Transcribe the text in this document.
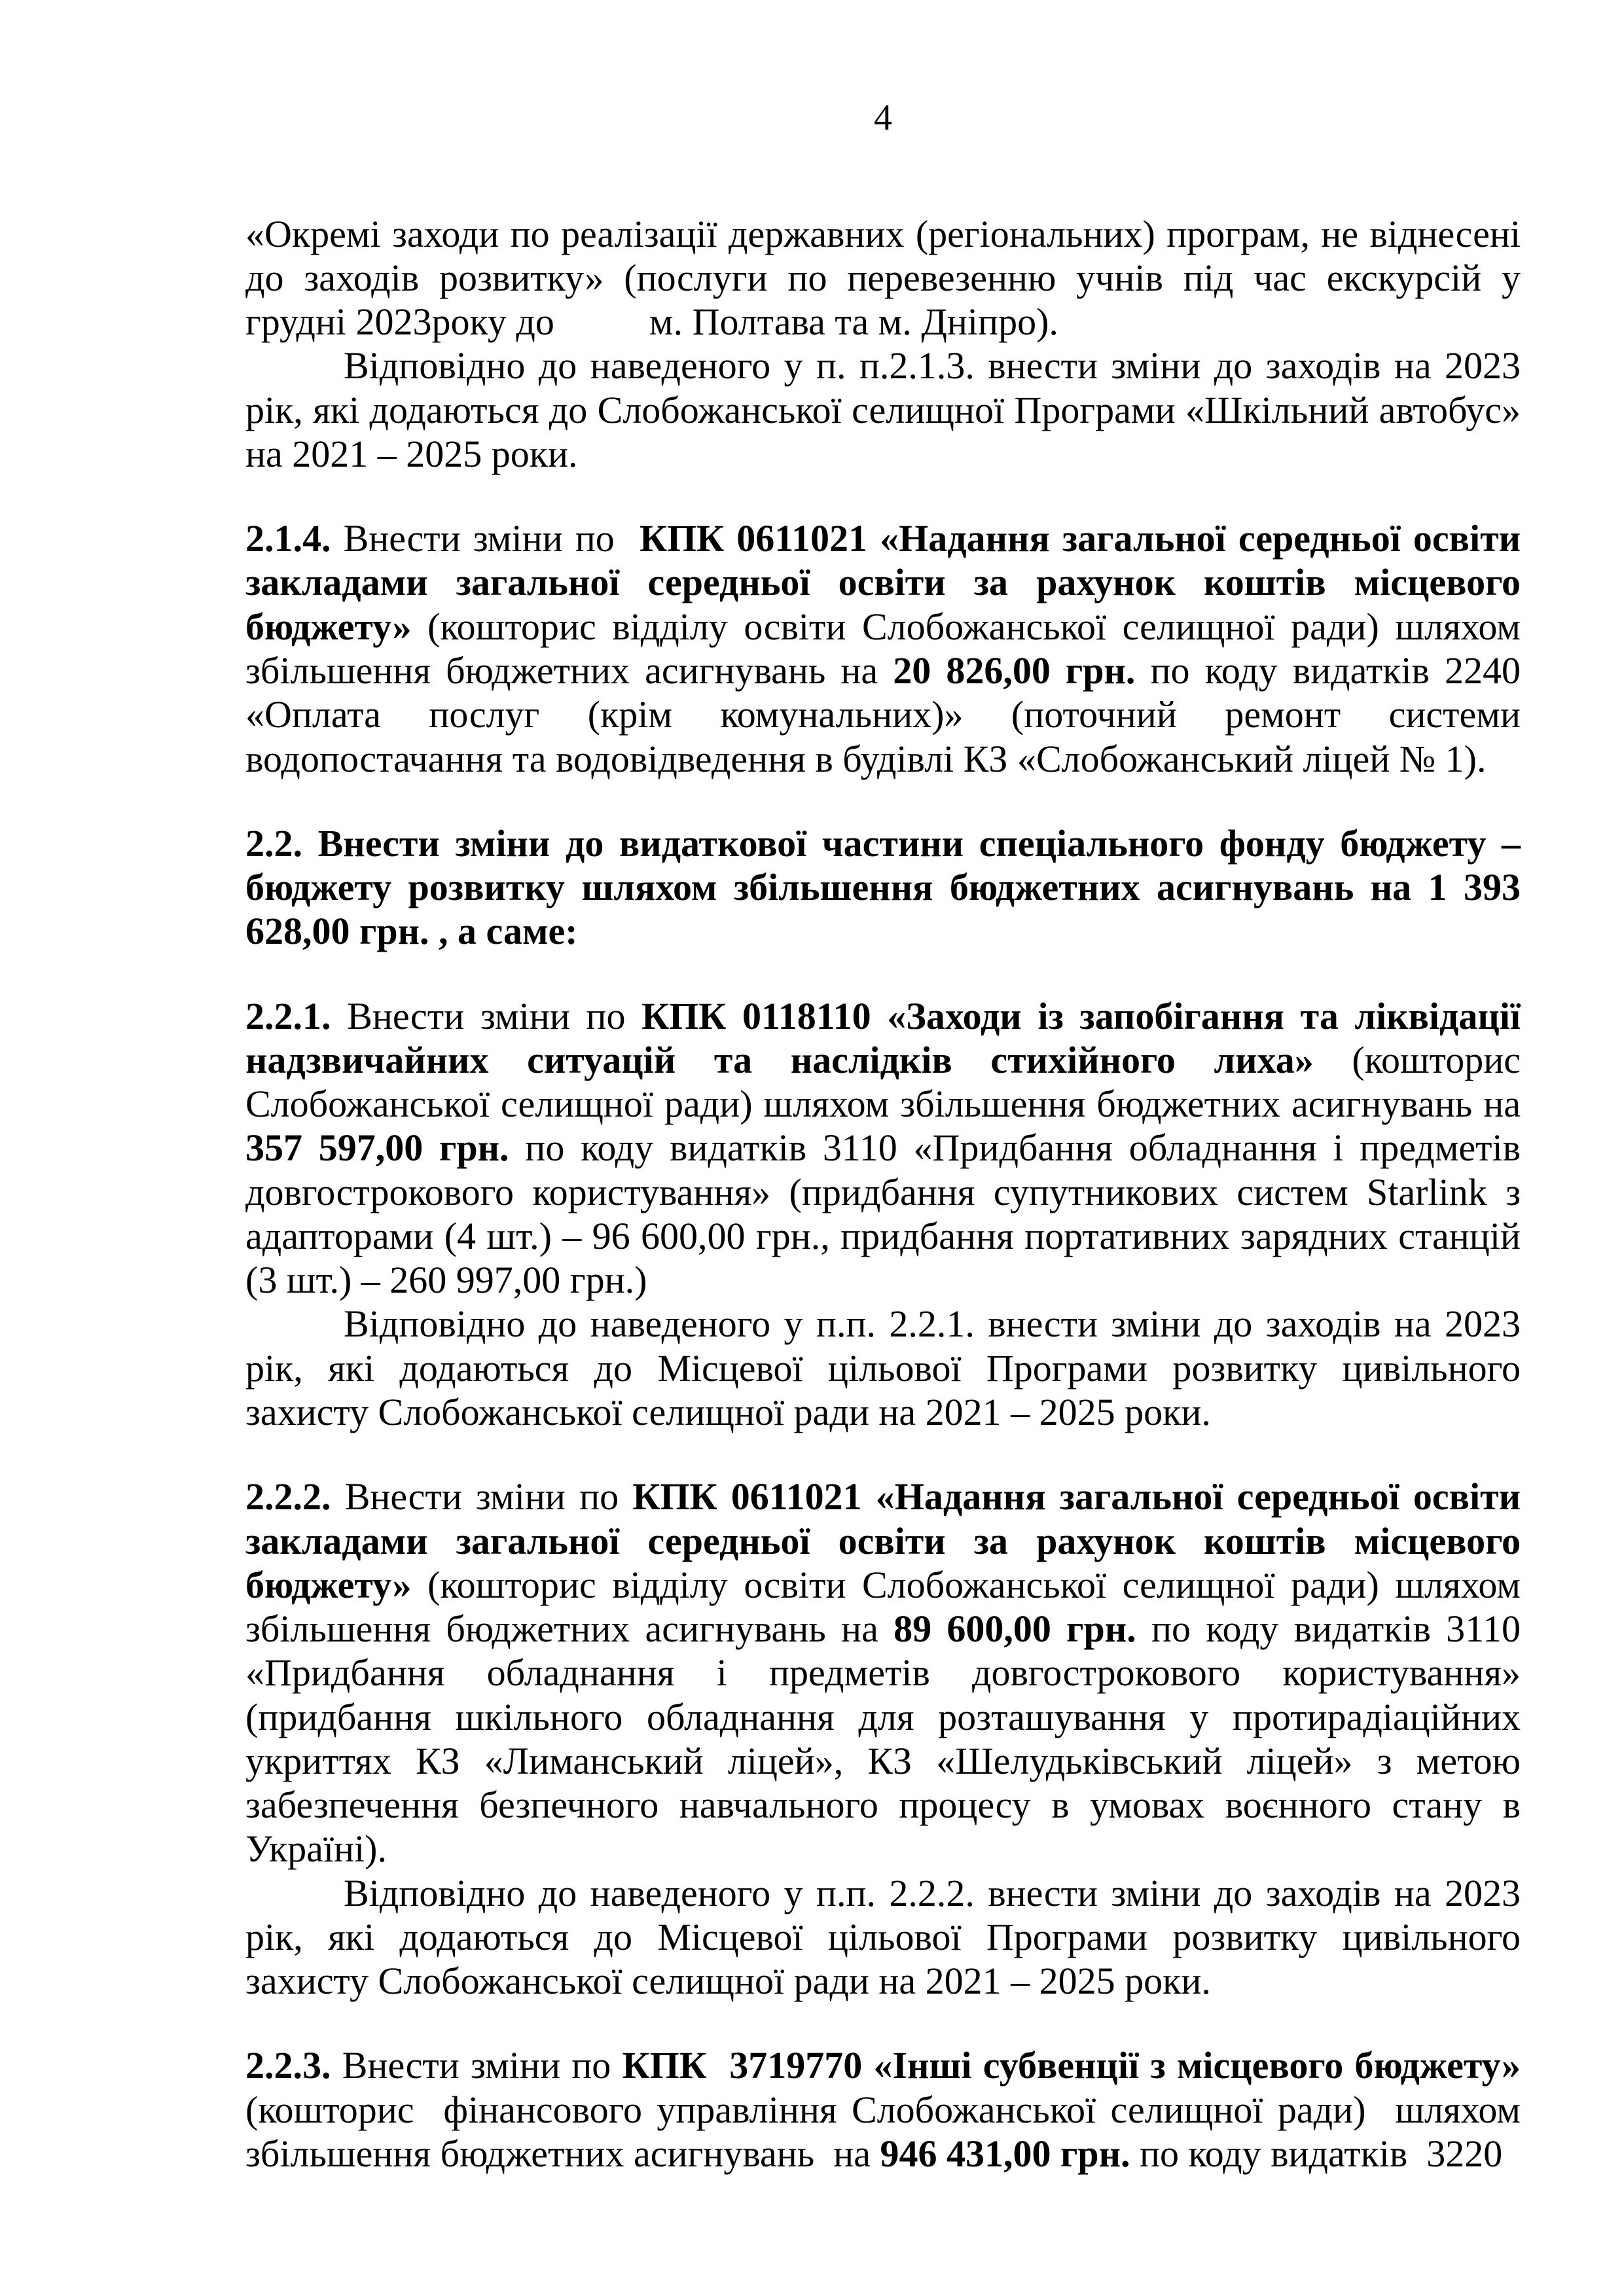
4

«Окремі заходи по реалізації державних (регіональних) програм, не віднесені до заходів розвитку» (послуги по перевезенню учнів під час екскурсій у грудні 2023року до          м. Полтава та м. Дніпро).

Відповідно до наведеного у п. п.2.1.3. внести зміни до заходів на 2023 рік, які додаються до Слобожанської селищної Програми «Шкільний автобус» на 2021 – 2025 роки.

2.1.4. Внести зміни по  КПК 0611021 «Надання загальної середньої освіти закладами загальної середньої освіти за рахунок коштів місцевого бюджету» (кошторис відділу освіти Слобожанської селищної ради) шляхом збільшення бюджетних асигнувань на 20 826,00 грн. по коду видатків 2240 «Оплата послуг (крім комунальних)» (поточний ремонт системи водопостачання та водовідведення в будівлі КЗ «Слобожанський ліцей № 1).

2.2. Внести зміни до видаткової частини спеціального фонду бюджету – бюджету розвитку шляхом збільшення бюджетних асигнувань на 1 393 628,00 грн. , а саме:

2.2.1. Внести зміни по КПК 0118110 «Заходи із запобігання та ліквідації надзвичайних ситуацій та наслідків стихійного лиха» (кошторис Слобожанської селищної ради) шляхом збільшення бюджетних асигнувань на 357 597,00 грн. по коду видатків 3110 «Придбання обладнання і предметів довгострокового користування» (придбання супутникових систем Starlink з адапторами (4 шт.) – 96 600,00 грн., придбання портативних зарядних станцій (3 шт.) – 260 997,00 грн.)

Відповідно до наведеного у п.п. 2.2.1. внести зміни до заходів на 2023 рік, які додаються до Місцевої цільової Програми розвитку цивільного захисту Слобожанської селищної ради на 2021 – 2025 роки.

2.2.2. Внести зміни по КПК 0611021 «Надання загальної середньої освіти закладами загальної середньої освіти за рахунок коштів місцевого бюджету» (кошторис відділу освіти Слобожанської селищної ради) шляхом збільшення бюджетних асигнувань на 89 600,00 грн. по коду видатків 3110 «Придбання обладнання і предметів довгострокового користування» (придбання шкільного обладнання для розташування у протирадіаційних укриттях КЗ «Лиманський ліцей», КЗ «Шелудьківський ліцей» з метою забезпечення безпечного навчального процесу в умовах воєнного стану в Україні).

Відповідно до наведеного у п.п. 2.2.2. внести зміни до заходів на 2023 рік, які додаються до Місцевої цільової Програми розвитку цивільного захисту Слобожанської селищної ради на 2021 – 2025 роки.

2.2.3. Внести зміни по КПК  3719770 «Інші субвенції з місцевого бюджету» (кошторис  фінансового управління Слобожанської селищної ради)  шляхом збільшення бюджетних асигнувань  на 946 431,00 грн. по коду видатків  3220
